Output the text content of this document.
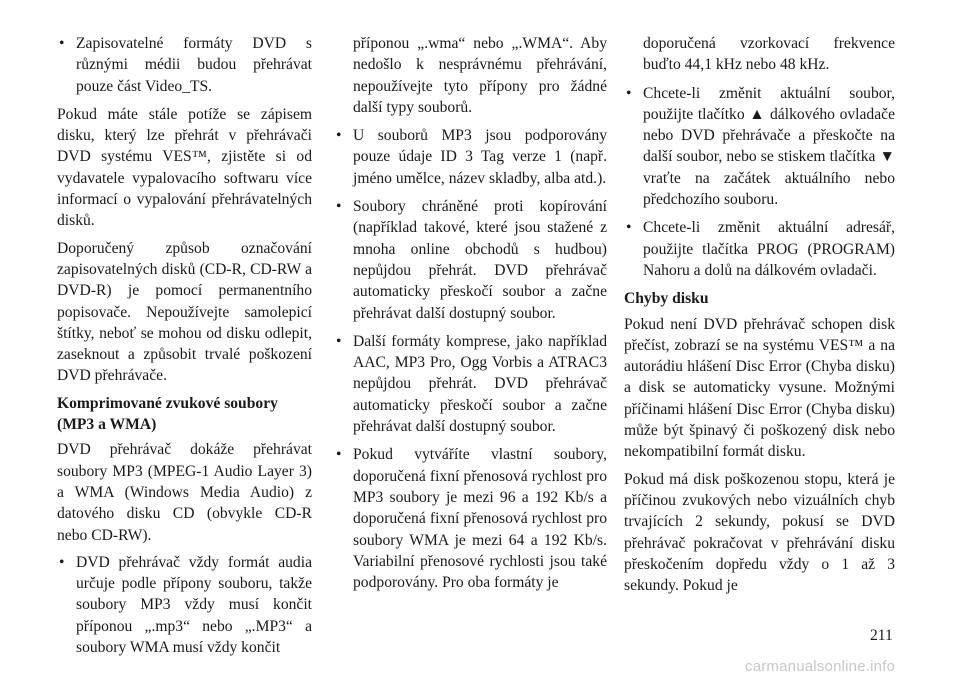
• Zapisovatelné formáty DVD s různými médii budou přehrávat pouze část Video_TS.

Pokud máte stále potíže se zápisem disku, který lze přehrát v přehrávači DVD systému VES™, zjistěte si od vydavatele vypalovacího softwaru více informací o vypalování přehrávatelných disků.

Doporučený způsob označování zapisovatelných disků (CD-R, CD-RW a DVD-R) je pomocí permanentního popisovače. Nepoužívejte samolepicí štítky, neboť se mohou od disku odlepit, zaseknout a způsobit trvalé poškození DVD přehrávače.

Komprimované zvukové soubory (MP3 a WMA)

DVD přehrávač dokáže přehrávat soubory MP3 (MPEG-1 Audio Layer 3) a WMA (Windows Media Audio) z datového disku CD (obvykle CD-R nebo CD-RW).

• DVD přehrávač vždy formát audia určuje podle přípony souboru, takže soubory MP3 vždy musí končit příponou „.mp3“ nebo „.MP3“ a soubory WMA musí vždy končit
příponou „.wma“ nebo „.WMA“. Aby nedošlo k nesprávnému přehrávání, nepoužívejte tyto přípony pro žádné další typy souborů.
• U souborů MP3 jsou podporovány pouze údaje ID 3 Tag verze 1 (např. jméno umělce, název skladby, alba atd.).
• Soubory chráněné proti kopírování (například takové, které jsou stažené z mnoha online obchodů s hudbou) nepůjdou přehrát. DVD přehrávač automaticky přeskočí soubor a začne přehrávat další dostupný soubor.
• Další formáty komprese, jako například AAC, MP3 Pro, Ogg Vorbis a ATRAC3 nepůjdou přehrát. DVD přehrávač automaticky přeskočí soubor a začne přehrávat další dostupný soubor.
• Pokud vytváříte vlastní soubory, doporučená fixní přenosová rychlost pro MP3 soubory je mezi 96 a 192 Kb/s a doporučená fixní přenosová rychlost pro soubory WMA je mezi 64 a 192 Kb/s. Variabilní přenosové rychlosti jsou také podporovány. Pro oba formáty je
doporučená vzorkovací frekvence buďto 44,1 kHz nebo 48 kHz.
• Chcete-li změnit aktuální soubor, použijte tlačítko ▲ dálkového ovladače nebo DVD přehrávače a přeskočte na další soubor, nebo se stiskem tlačítka ▼ vraťte na začátek aktuálního nebo předchozího souboru.
• Chcete-li změnit aktuální adresář, použijte tlačítka PROG (PROGRAM) Nahoru a dolů na dálkovém ovladači.

Chyby disku

Pokud není DVD přehrávač schopen disk přečíst, zobrazí se na systému VES™ a na autorádiu hlášení Disc Error (Chyba disku) a disk se automaticky vysune. Možnými příčinami hlášení Disc Error (Chyba disku) může být špinavý či poškozený disk nebo nekompatibilní formát disku.

Pokud má disk poškozenou stopu, která je příčinou zvukových nebo vizuálních chyb trvajících 2 sekundy, pokusí se DVD přehrávač pokračovat v přehrávání disku přeskočením dopředu vždy o 1 až 3 sekundy. Pokud je

211
carmanualsonline.info
